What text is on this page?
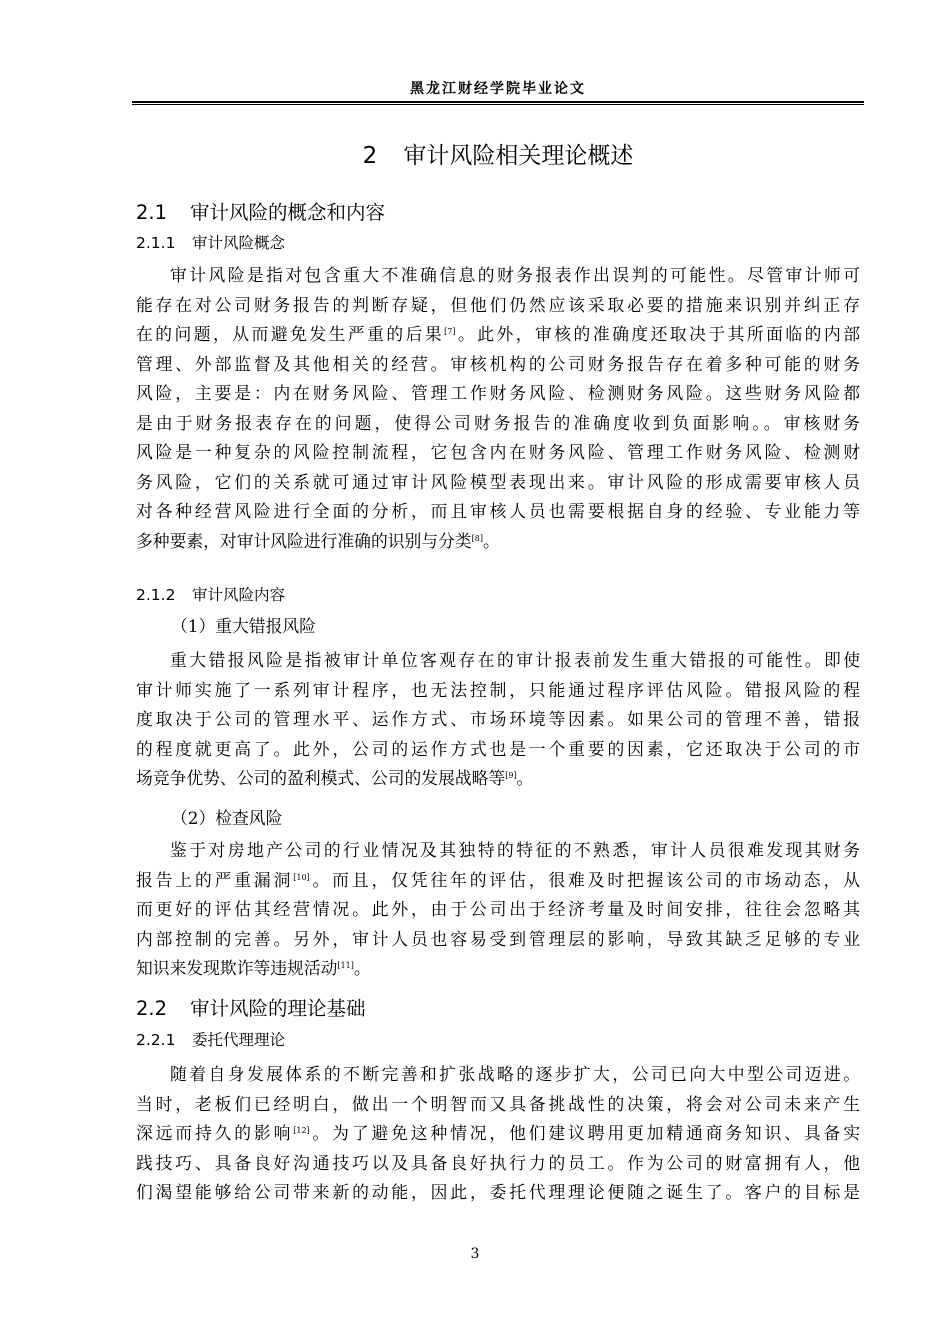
黑龙江财经学院毕业论文
2 审计风险相关理论概述
2.1 审计风险的概念和内容
2.1.1 审计风险概念
审计风险是指对包含重大不准确信息的财务报表作出误判的可能性。尽管审计师可
能存在对公司财务报告的判断存疑，但他们仍然应该采取必要的措施来识别并纠正存
在的问题，从而避免发生严重的后果[7]。此外，审核的准确度还取决于其所面临的内部
管理、外部监督及其他相关的经营。审核机构的公司财务报告存在着多种可能的财务
风险，主要是：内在财务风险、管理工作财务风险、检测财务风险。这些财务风险都
是由于财务报表存在的问题，使得公司财务报告的准确度收到负面影响。。审核财务
风险是一种复杂的风险控制流程，它包含内在财务风险、管理工作财务风险、检测财
务风险，它们的关系就可通过审计风险模型表现出来。审计风险的形成需要审核人员
对各种经营风险进行全面的分析，而且审核人员也需要根据自身的经验、专业能力等
多种要素，对审计风险进行准确的识别与分类[8]。
2.1.2 审计风险内容
（1）重大错报风险
重大错报风险是指被审计单位客观存在的审计报表前发生重大错报的可能性。即使
审计师实施了一系列审计程序，也无法控制，只能通过程序评估风险。错报风险的程
度取决于公司的管理水平、运作方式、市场环境等因素。如果公司的管理不善，错报
的程度就更高了。此外，公司的运作方式也是一个重要的因素，它还取决于公司的市
场竞争优势、公司的盈利模式、公司的发展战略等[9]。
（2）检查风险
鉴于对房地产公司的行业情况及其独特的特征的不熟悉，审计人员很难发现其财务
报告上的严重漏洞[10]。而且，仅凭往年的评估，很难及时把握该公司的市场动态，从
而更好的评估其经营情况。此外，由于公司出于经济考量及时间安排，往往会忽略其
内部控制的完善。另外，审计人员也容易受到管理层的影响，导致其缺乏足够的专业
知识来发现欺诈等违规活动[11]。
2.2 审计风险的理论基础
2.2.1 委托代理理论
随着自身发展体系的不断完善和扩张战略的逐步扩大，公司已向大中型公司迈进。
当时，老板们已经明白，做出一个明智而又具备挑战性的决策，将会对公司未来产生
深远而持久的影响[12]。为了避免这种情况，他们建议聘用更加精通商务知识、具备实
践技巧、具备良好沟通技巧以及具备良好执行力的员工。作为公司的财富拥有人，他
们渴望能够给公司带来新的动能，因此，委托代理理论便随之诞生了。客户的目标是
3
